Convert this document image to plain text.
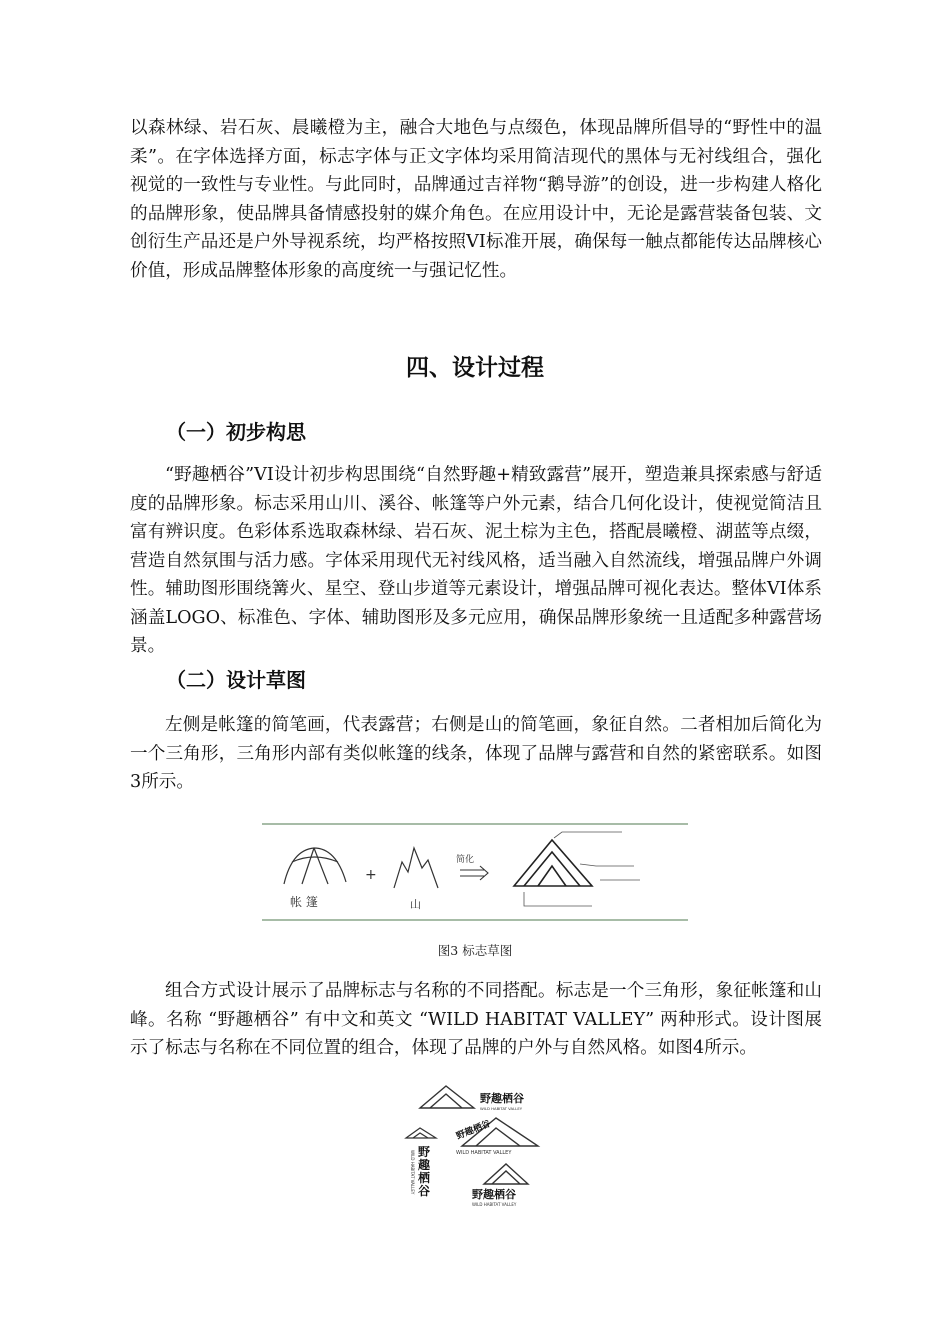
以森林绿、岩石灰、晨曦橙为主，融合大地色与点缀色，体现品牌所倡导的“野性中的温柔”。在字体选择方面，标志字体与正文字体均采用简洁现代的黑体与无衬线组合，强化视觉的一致性与专业性。与此同时，品牌通过吉祥物“鹅导游”的创设，进一步构建人格化的品牌形象，使品牌具备情感投射的媒介角色。在应用设计中，无论是露营装备包装、文创衍生产品还是户外导视系统，均严格按照VI标准开展，确保每一触点都能传达品牌核心价值，形成品牌整体形象的高度统一与强记忆性。

四、设计过程
（一）初步构思

“野趣栖谷”VI设计初步构思围绕“自然野趣+精致露营”展开，塑造兼具探索感与舒适度的品牌形象。标志采用山川、溪谷、帐篷等户外元素，结合几何化设计，使视觉简洁且富有辨识度。色彩体系选取森林绿、岩石灰、泥土棕为主色，搭配晨曦橙、湖蓝等点缀，营造自然氛围与活力感。字体采用现代无衬线风格，适当融入自然流线，增强品牌户外调性。辅助图形围绕篝火、星空、登山步道等元素设计，增强品牌可视化表达。整体VI体系涵盖LOGO、标准色、字体、辅助图形及多元应用，确保品牌形象统一且适配多种露营场景。

（二）设计草图

左侧是帐篷的简笔画，代表露营；右侧是山的简笔画，象征自然。二者相加后简化为一个三角形，三角形内部有类似帐篷的线条，体现了品牌与露营和自然的紧密联系。如图3所示。

帐 篷
+
山
简化

图3 标志草图

组合方式设计展示了品牌标志与名称的不同搭配。标志是一个三角形，象征帐篷和山峰。名称 “野趣栖谷” 有中文和英文 “WILD HABITAT VALLEY” 两种形式。设计图展示了标志与名称在不同位置的组合，体现了品牌的户外与自然风格。如图4所示。

野趣栖谷
WILD HABITAT VALLEY
野趣栖谷
WILD HABITAT VALLEY
野趣栖谷
WILD HABITAT VALLEY
野趣栖谷
WILD HABITAT VALLEY
